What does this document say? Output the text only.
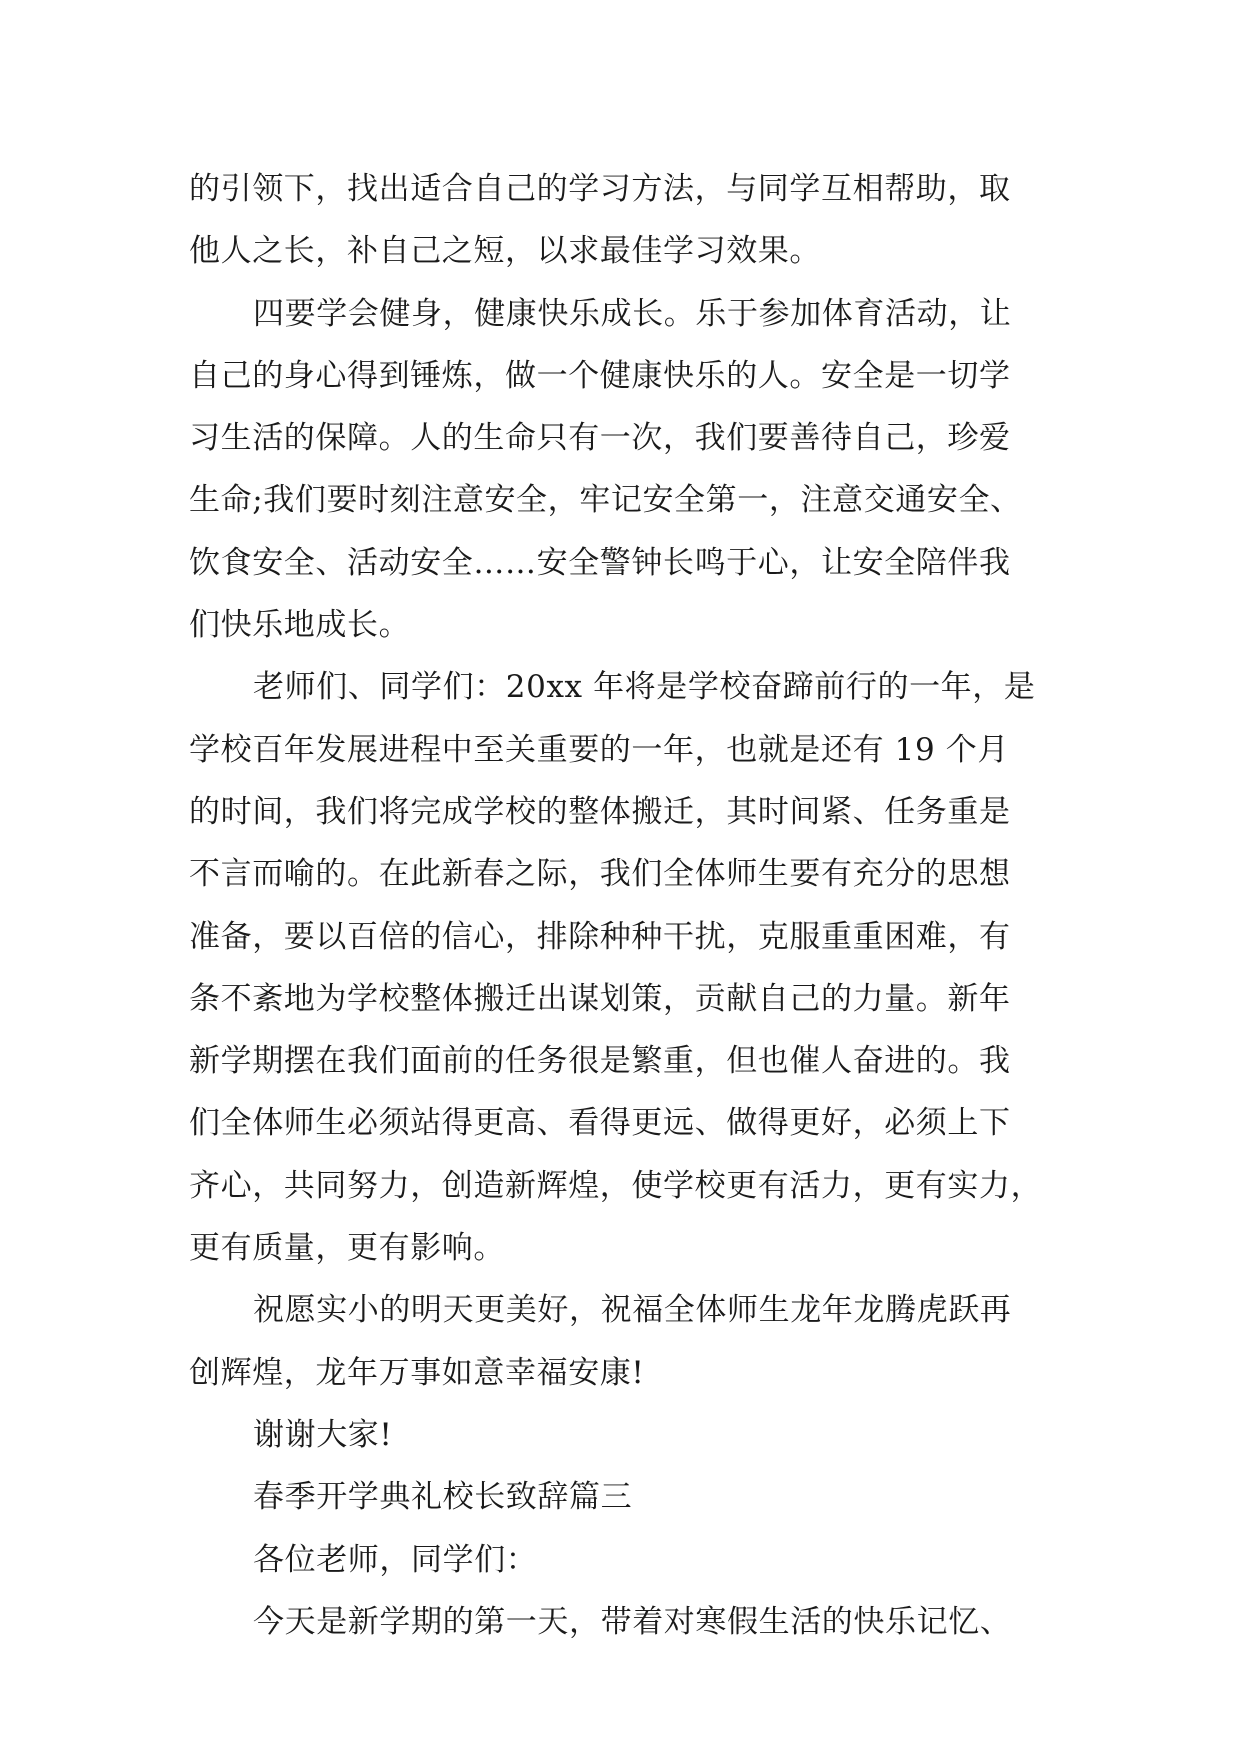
的引领下，找出适合自己的学习方法，与同学互相帮助，取
他人之长，补自己之短，以求最佳学习效果。

四要学会健身，健康快乐成长。乐于参加体育活动，让
自己的身心得到锤炼，做一个健康快乐的人。安全是一切学
习生活的保障。人的生命只有一次，我们要善待自己，珍爱
生命;我们要时刻注意安全，牢记安全第一，注意交通安全、
饮食安全、活动安全……安全警钟长鸣于心，让安全陪伴我
们快乐地成长。

老师们、同学们：20xx 年将是学校奋蹄前行的一年，是
学校百年发展进程中至关重要的一年，也就是还有 19 个月
的时间，我们将完成学校的整体搬迁，其时间紧、任务重是
不言而喻的。在此新春之际，我们全体师生要有充分的思想
准备，要以百倍的信心，排除种种干扰，克服重重困难，有
条不紊地为学校整体搬迁出谋划策，贡献自己的力量。新年
新学期摆在我们面前的任务很是繁重，但也催人奋进的。我
们全体师生必须站得更高、看得更远、做得更好，必须上下
齐心，共同努力，创造新辉煌，使学校更有活力，更有实力，
更有质量，更有影响。

祝愿实小的明天更美好，祝福全体师生龙年龙腾虎跃再
创辉煌，龙年万事如意幸福安康!

谢谢大家!

春季开学典礼校长致辞篇三

各位老师，同学们：

今天是新学期的第一天，带着对寒假生活的快乐记忆、
